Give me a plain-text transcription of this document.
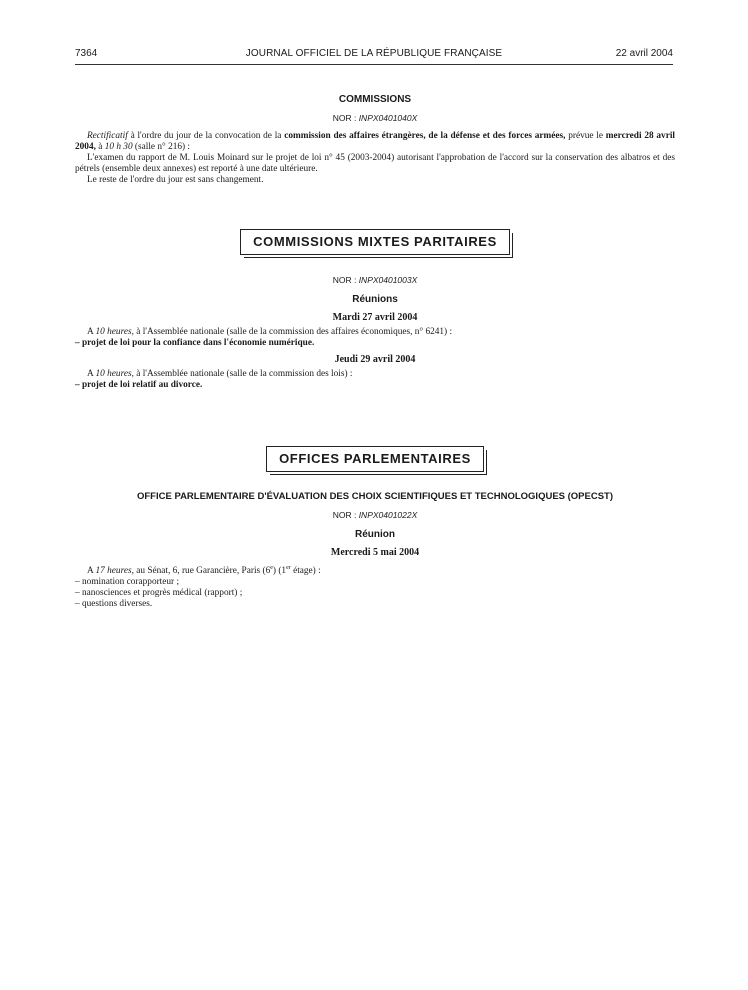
7364	JOURNAL OFFICIEL DE LA RÉPUBLIQUE FRANÇAISE	22 avril 2004
COMMISSIONS
NOR : INPX0401040X

Rectificatif à l'ordre du jour de la convocation de la commission des affaires étrangères, de la défense et des forces armées, prévue le mercredi 28 avril 2004, à 10 h 30 (salle n° 216) :

L'examen du rapport de M. Louis Moinard sur le projet de loi n° 45 (2003-2004) autorisant l'approbation de l'accord sur la conservation des albatros et des pétrels (ensemble deux annexes) est reporté à une date ultérieure.

Le reste de l'ordre du jour est sans changement.

COMMISSIONS MIXTES PARITAIRES
NOR : INPX0401003X
Réunions
Mardi 27 avril 2004

A 10 heures, à l'Assemblée nationale (salle de la commission des affaires économiques, n° 6241) :

– projet de loi pour la confiance dans l'économie numérique.

Jeudi 29 avril 2004

A 10 heures, à l'Assemblée nationale (salle de la commission des lois) :

– projet de loi relatif au divorce.

OFFICES PARLEMENTAIRES
OFFICE PARLEMENTAIRE D'ÉVALUATION DES CHOIX SCIENTIFIQUES ET TECHNOLOGIQUES (OPECST)
NOR : INPX0401022X
Réunion
Mercredi 5 mai 2004

A 17 heures, au Sénat, 6, rue Garancière, Paris (6e) (1er étage) :

– nomination corapporteur ;

– nanosciences et progrès médical (rapport) ;

– questions diverses.
